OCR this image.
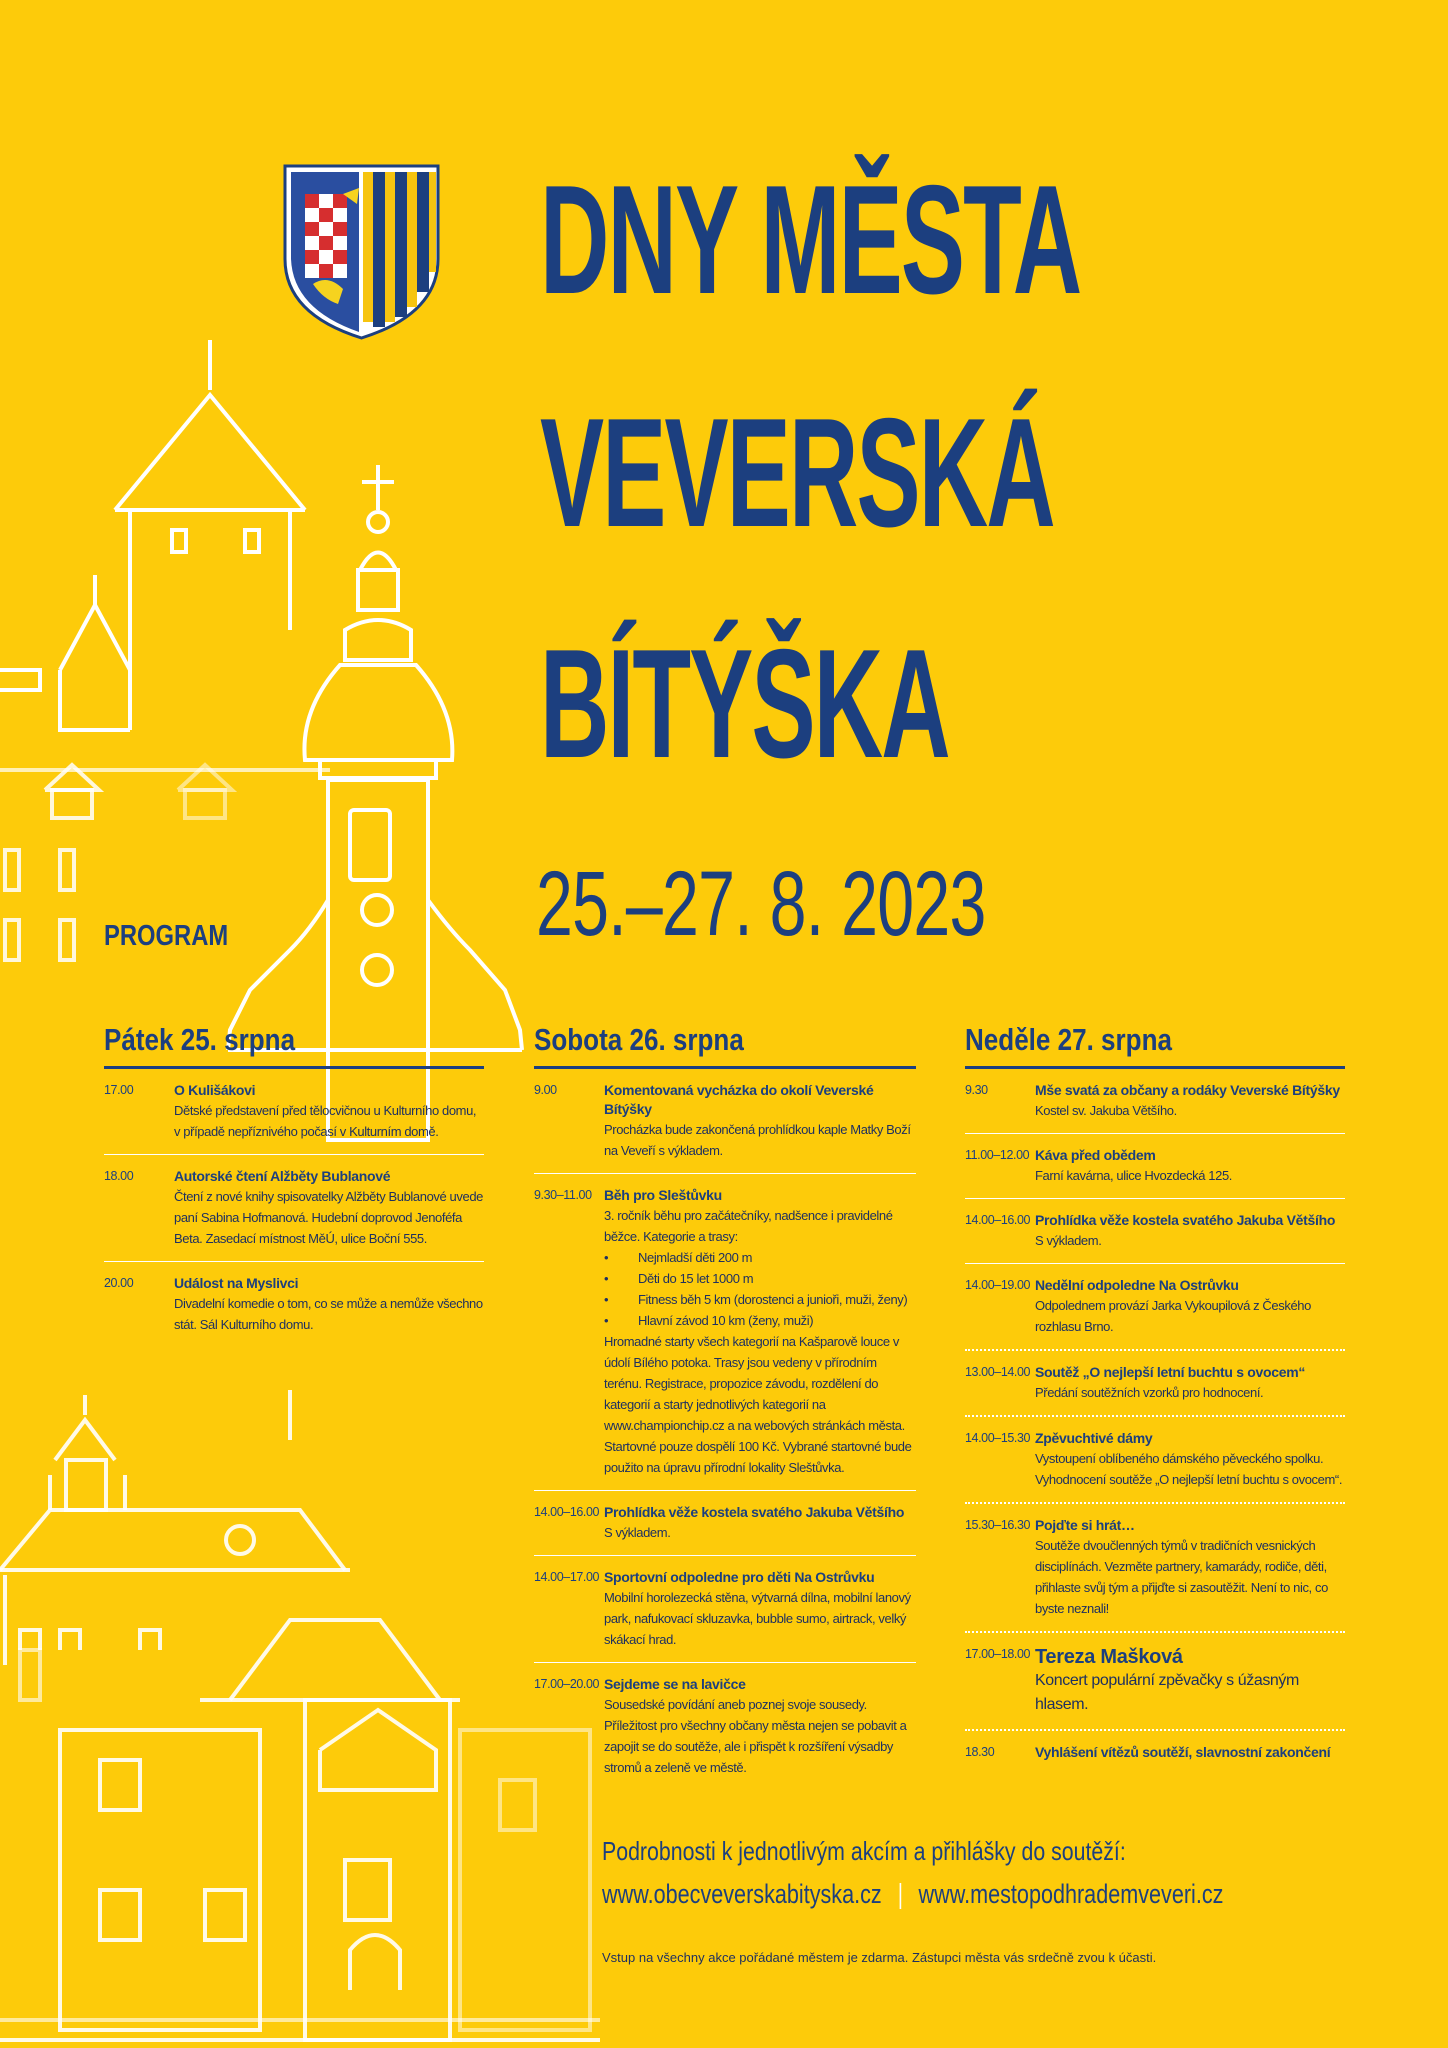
DNY MĚSTA
VEVERSKÁ
BÍTÝŠKA
25.–27. 8. 2023
PROGRAM
Pátek 25. srpna
17.00	O Kulišákovi
Dětské představení před tělocvičnou u Kulturního domu, v případě nepříznivého počasí v Kulturním domě.
18.00	Autorské čtení Alžběty Bublanové
Čtení z nové knihy spisovatelky Alžběty Bublanové uvede paní Sabina Hofmanová. Hudební doprovod Jenoféfa Beta. Zasedací místnost MěÚ, ulice Boční 555.
20.00	Událost na Myslivci
Divadelní komedie o tom, co se může a nemůže všechno stát. Sál Kulturního domu.
Sobota 26. srpna
9.00	Komentovaná vycházka do okolí Veverské Bítýšky
Procházka bude zakončená prohlídkou kaple Matky Boží na Veveří s výkladem.
9.30–11.00 Běh pro Sleštůvku
3. ročník běhu pro začátečníky, nadšence i pravidelné běžce. Kategorie a trasy:
• Nejmladší děti 200 m
• Děti do 15 let 1000 m
• Fitness běh 5 km (dorostenci a junioři, muži, ženy)
• Hlavní závod 10 km (ženy, muži)
Hromadné starty všech kategorií na Kašparově louce v údolí Bílého potoka. Trasy jsou vedeny v přírodním terénu. Registrace, propozice závodu, rozdělení do kategorií a starty jednotlivých kategorií na www.championchip.cz a na webových stránkách města. Startovné pouze dospělí 100 Kč. Vybrané startovné bude použito na úpravu přírodní lokality Sleštůvka.
14.00–16.00 Prohlídka věže kostela svatého Jakuba Většího
S výkladem.
14.00–17.00 Sportovní odpoledne pro děti Na Ostrůvku
Mobilní horolezecká stěna, výtvarná dílna, mobilní lanový park, nafukovací skluzavka, bubble sumo, airtrack, velký skákací hrad.
17.00–20.00 Sejdeme se na lavičce
Sousedské povídání aneb poznej svoje sousedy. Příležitost pro všechny občany města nejen se pobavit a zapojit se do soutěže, ale i přispět k rozšíření výsadby stromů a zeleně ve městě.
Neděle 27. srpna
9.30	Mše svatá za občany a rodáky Veverské Bítýšky
Kostel sv. Jakuba Většího.
11.00–12.00 Káva před obědem
Farní kavárna, ulice Hvozdecká 125.
14.00–16.00 Prohlídka věže kostela svatého Jakuba Většího
S výkladem.
14.00–19.00 Nedělní odpoledne Na Ostrůvku
Odpolednem provází Jarka Vykoupilová z Českého rozhlasu Brno.
13.00–14.00 Soutěž „O nejlepší letní buchtu s ovocem“
Předání soutěžních vzorků pro hodnocení.
14.00–15.30 Zpěvuchtivé dámy
Vystoupení oblíbeného dámského pěveckého spolku. Vyhodnocení soutěže „O nejlepší letní buchtu s ovocem“.
15.30–16.30 Pojďte si hrát…
Soutěže dvoučlenných týmů v tradičních vesnických disciplínách. Vezměte partnery, kamarády, rodiče, děti, přihlaste svůj tým a přijďte si zasoutěžit. Není to nic, co byste neznali!
17.00–18.00 Tereza Mašková
Koncert populární zpěvačky s úžasným hlasem.
18.30	Vyhlášení vítězů soutěží, slavnostní zakončení
Podrobnosti k jednotlivým akcím a přihlášky do soutěží:
www.obecveverskabityska.cz www.mestopodhrademveveri.cz
Vstup na všechny akce pořádané městem je zdarma. Zástupci města vás srdečně zvou k účasti.
